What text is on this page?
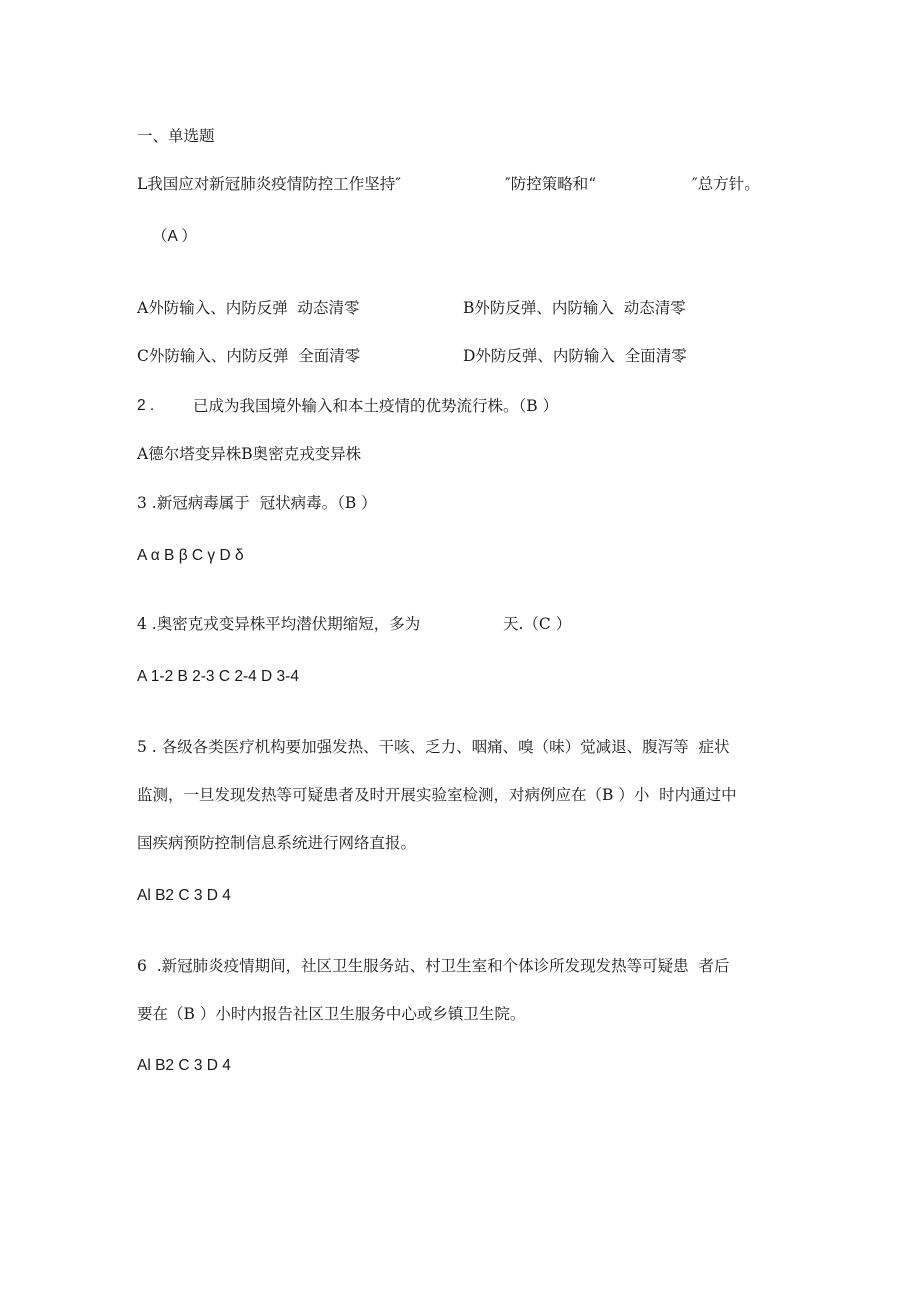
一、单选题
L我国应对新冠肺炎疫情防控工作坚持″	″防控策略和“	″总方针。
（A ）
A外防输入、内防反弹  动态清零	B外防反弹、内防输入  动态清零
C外防输入、内防反弹  全面清零	D外防反弹、内防输入  全面清零
2 .	已成为我国境外输入和本土疫情的优势流行株。（B ）
A德尔塔变异株B奥密克戎变异株
3 .新冠病毒属于  冠状病毒。（B ）
A α B β C γ D δ
4 .奥密克戎变异株平均潜伏期缩短，多为	天.（C ）
A 1-2 B 2-3 C 2-4 D 3-4
5 . 各级各类医疗机构要加强发热、干咳、乏力、咽痛、嗅（味）觉减退、腹泻等  症状
监测，一旦发现发热等可疑患者及时开展实验室检测，对病例应在（B ）小  时内通过中
国疾病预防控制信息系统进行网络直报。
Al B2 C 3 D 4
6  .新冠肺炎疫情期间，社区卫生服务站、村卫生室和个体诊所发现发热等可疑患  者后
要在（B ）小时内报告社区卫生服务中心或乡镇卫生院。
Al B2 C 3 D 4
